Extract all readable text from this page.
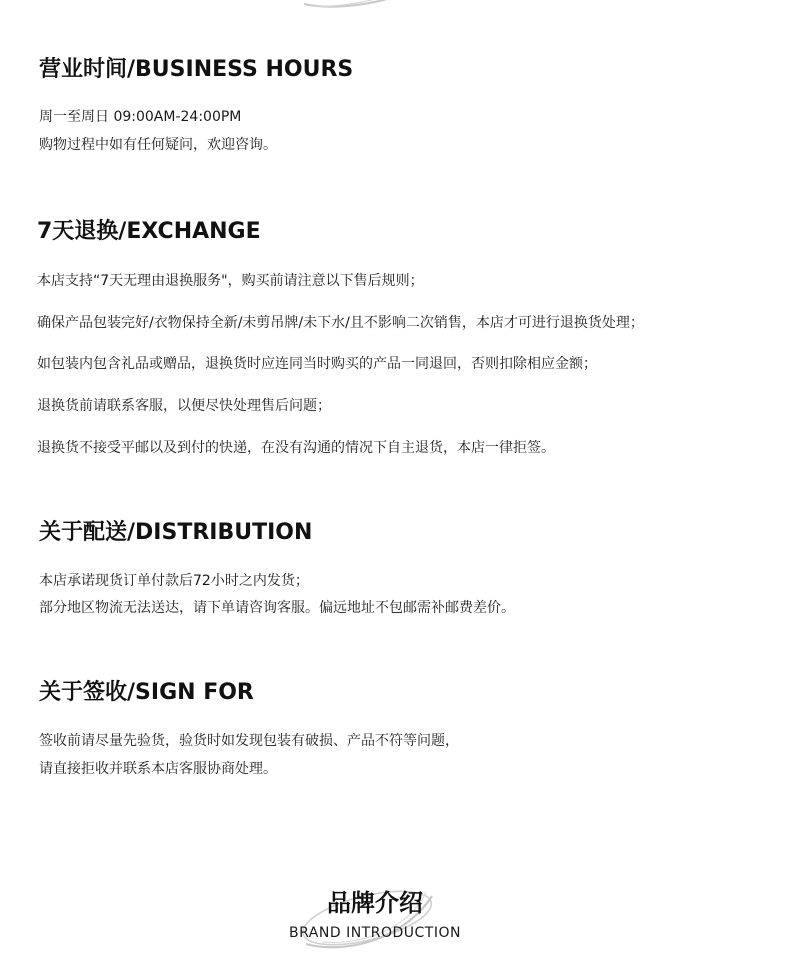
营业时间/BUSINESS HOURS

周一至周日 09:00AM-24:00PM

购物过程中如有任何疑问，欢迎咨询。

7天退换/EXCHANGE

本店支持“7天无理由退换服务"，购买前请注意以下售后规则；

确保产品包装完好/衣物保持全新/未剪吊牌/未下水/且不影响二次销售，本店才可进行退换货处理；

如包装内包含礼品或赠品，退换货时应连同当时购买的产品一同退回，否则扣除相应金额；

退换货前请联系客服，以便尽快处理售后问题；

退换货不接受平邮以及到付的快递，在没有沟通的情况下自主退货，本店一律拒签。

关于配送/DISTRIBUTION

本店承诺现货订单付款后72小时之内发货；

部分地区物流无法送达，请下单请咨询客服。偏远地址不包邮需补邮费差价。

关于签收/SIGN FOR

签收前请尽量先验货，验货时如发现包装有破损、产品不符等问题，

请直接拒收并联系本店客服协商处理。

品牌介绍

BRAND INTRODUCTION
